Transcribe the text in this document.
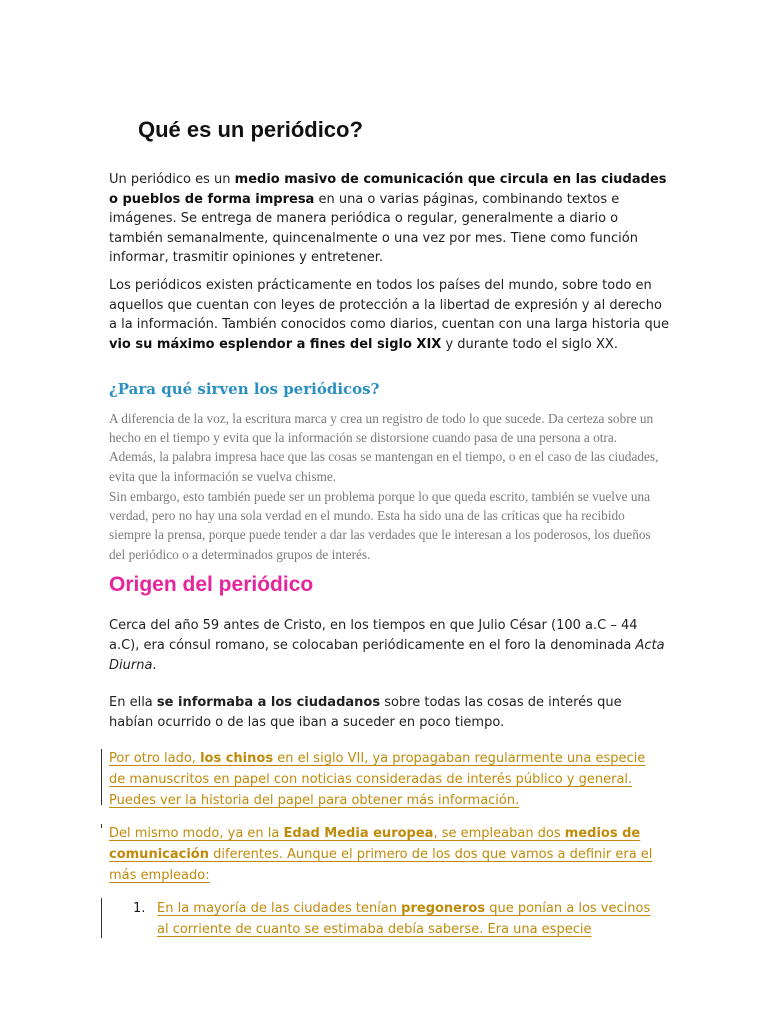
Qué es un periódico?

Un periódico es un medio masivo de comunicación que circula en las ciudades o pueblos de forma impresa en una o varias páginas, combinando textos e imágenes. Se entrega de manera periódica o regular, generalmente a diario o también semanalmente, quincenalmente o una vez por mes. Tiene como función informar, trasmitir opiniones y entretener.

Los periódicos existen prácticamente en todos los países del mundo, sobre todo en aquellos que cuentan con leyes de protección a la libertad de expresión y al derecho a la información. También conocidos como diarios, cuentan con una larga historia que vio su máximo esplendor a fines del siglo XIX y durante todo el siglo XX.

¿Para qué sirven los periódicos?

A diferencia de la voz, la escritura marca y crea un registro de todo lo que sucede. Da certeza sobre un hecho en el tiempo y evita que la información se distorsione cuando pasa de una persona a otra. Además, la palabra impresa hace que las cosas se mantengan en el tiempo, o en el caso de las ciudades, evita que la información se vuelva chisme.

Sin embargo, esto también puede ser un problema porque lo que queda escrito, también se vuelve una verdad, pero no hay una sola verdad en el mundo. Esta ha sido una de las críticas que ha recibido siempre la prensa, porque puede tender a dar las verdades que le interesan a los poderosos, los dueños del periódico o a determinados grupos de interés.

Origen del periódico

Cerca del año 59 antes de Cristo, en los tiempos en que Julio César (100 a.C – 44 a.C), era cónsul romano, se colocaban periódicamente en el foro la denominada Acta Diurna.

En ella se informaba a los ciudadanos sobre todas las cosas de interés que habían ocurrido o de las que iban a suceder en poco tiempo.

Por otro lado, los chinos en el siglo VII, ya propagaban regularmente una especie de manuscritos en papel con noticias consideradas de interés público y general. Puedes ver la historia del papel para obtener más información.

Del mismo modo, ya en la Edad Media europea, se empleaban dos medios de comunicación diferentes. Aunque el primero de los dos que vamos a definir era el más empleado:

1. En la mayoría de las ciudades tenían pregoneros que ponían a los vecinos al corriente de cuanto se estimaba debía saberse. Era una especie
